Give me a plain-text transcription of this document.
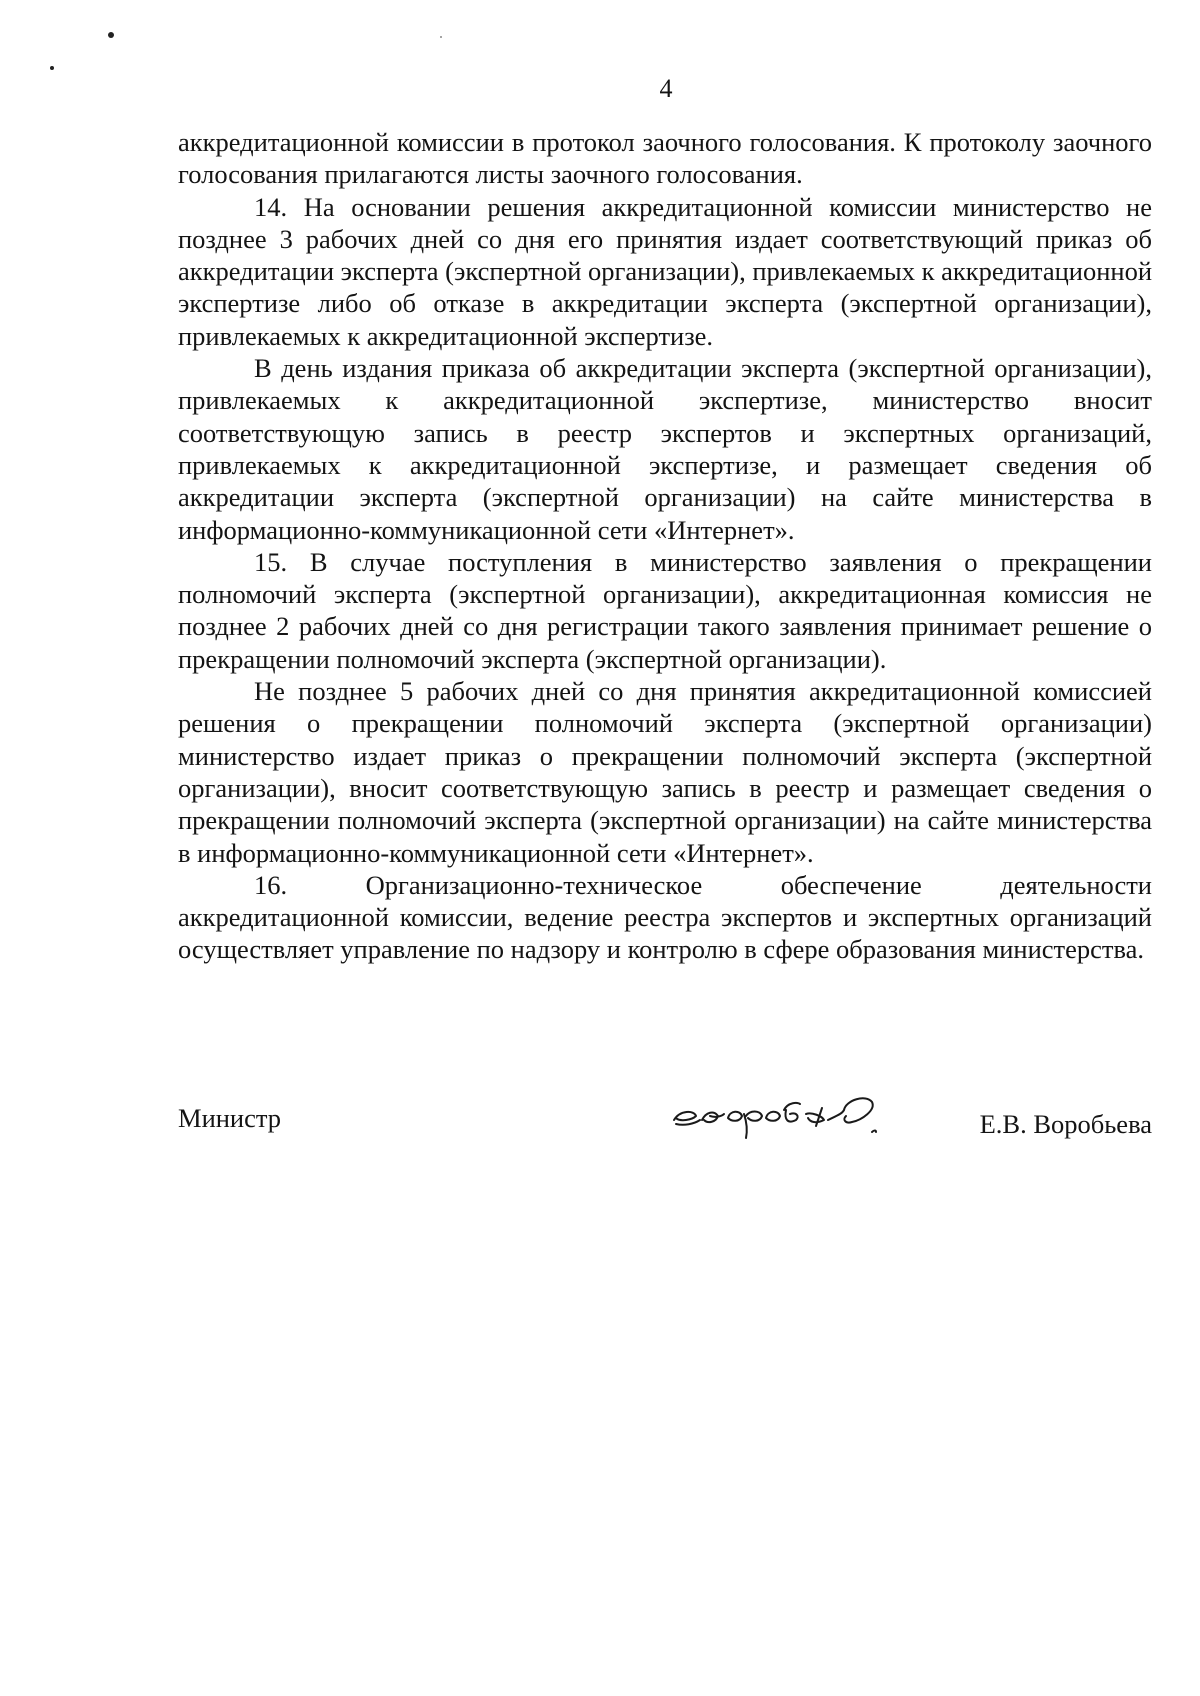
4

аккредитационной комиссии в протокол заочного голосования. К протоколу заочного голосования прилагаются листы заочного голосования.

14. На основании решения аккредитационной комиссии министерство не позднее 3 рабочих дней со дня его принятия издает соответствующий приказ об аккредитации эксперта (экспертной организации), привлекаемых к аккредитационной экспертизе либо об отказе в аккредитации эксперта (экспертной организации), привлекаемых к аккредитационной экспертизе.

В день издания приказа об аккредитации эксперта (экспертной организации), привлекаемых к аккредитационной экспертизе, министерство вносит соответствующую запись в реестр экспертов и экспертных организаций, привлекаемых к аккредитационной экспертизе, и размещает сведения об аккредитации эксперта (экспертной организации) на сайте министерства в информационно-коммуникационной сети «Интернет».

15. В случае поступления в министерство заявления о прекращении полномочий эксперта (экспертной организации), аккредитационная комиссия не позднее 2 рабочих дней со дня регистрации такого заявления принимает решение о прекращении полномочий эксперта (экспертной организации).

Не позднее 5 рабочих дней со дня принятия аккредитационной комиссией решения о прекращении полномочий эксперта (экспертной организации) министерство издает приказ о прекращении полномочий эксперта (экспертной организации), вносит соответствующую запись в реестр и размещает сведения о прекращении полномочий эксперта (экспертной организации) на сайте министерства в информационно-коммуникационной сети «Интернет».

16. Организационно-техническое обеспечение деятельности аккредитационной комиссии, ведение реестра экспертов и экспертных организаций осуществляет управление по надзору и контролю в сфере образования министерства.

Министр	Е.В. Воробьева
